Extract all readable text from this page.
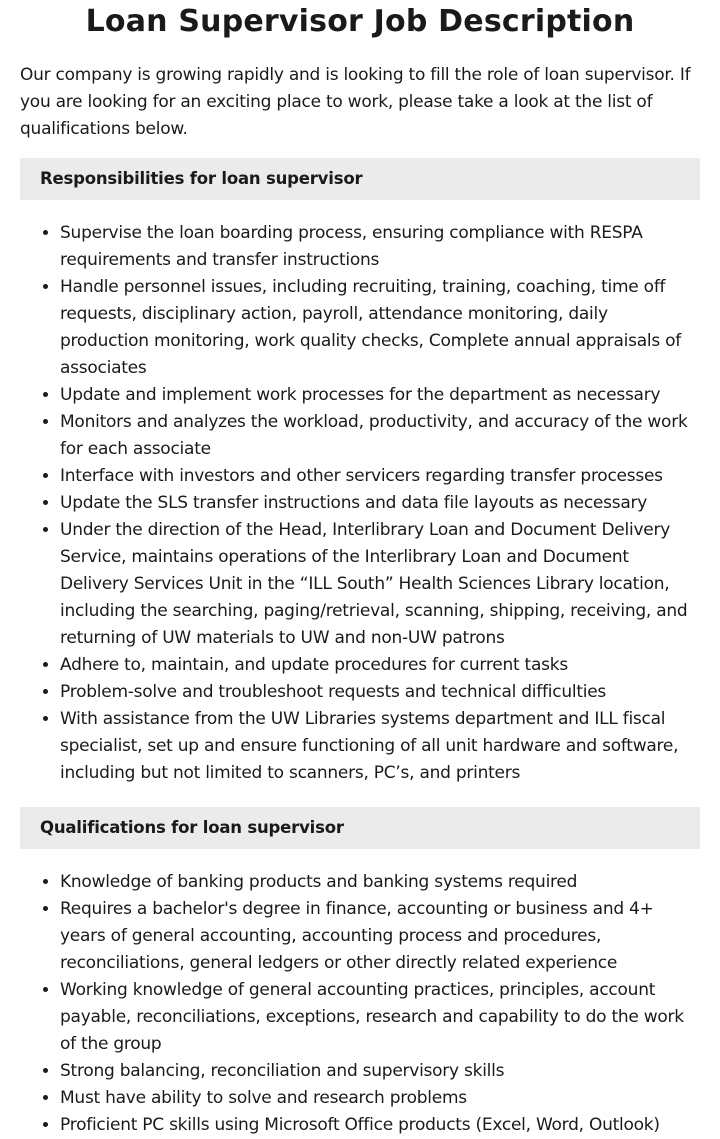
Loan Supervisor Job Description

Our company is growing rapidly and is looking to fill the role of loan supervisor. If you are looking for an exciting place to work, please take a look at the list of qualifications below.

Responsibilities for loan supervisor
• Supervise the loan boarding process, ensuring compliance with RESPA requirements and transfer instructions
• Handle personnel issues, including recruiting, training, coaching, time off requests, disciplinary action, payroll, attendance monitoring, daily production monitoring, work quality checks, Complete annual appraisals of associates
• Update and implement work processes for the department as necessary
• Monitors and analyzes the workload, productivity, and accuracy of the work for each associate
• Interface with investors and other servicers regarding transfer processes
• Update the SLS transfer instructions and data file layouts as necessary
• Under the direction of the Head, Interlibrary Loan and Document Delivery Service, maintains operations of the Interlibrary Loan and Document Delivery Services Unit in the “ILL South” Health Sciences Library location, including the searching, paging/retrieval, scanning, shipping, receiving, and returning of UW materials to UW and non-UW patrons
• Adhere to, maintain, and update procedures for current tasks
• Problem-solve and troubleshoot requests and technical difficulties
• With assistance from the UW Libraries systems department and ILL fiscal specialist, set up and ensure functioning of all unit hardware and software, including but not limited to scanners, PC’s, and printers
Qualifications for loan supervisor
• Knowledge of banking products and banking systems required
• Requires a bachelor's degree in finance, accounting or business and 4+ years of general accounting, accounting process and procedures, reconciliations, general ledgers or other directly related experience
• Working knowledge of general accounting practices, principles, account payable, reconciliations, exceptions, research and capability to do the work of the group
• Strong balancing, reconciliation and supervisory skills
• Must have ability to solve and research problems
• Proficient PC skills using Microsoft Office products (Excel, Word, Outlook)
